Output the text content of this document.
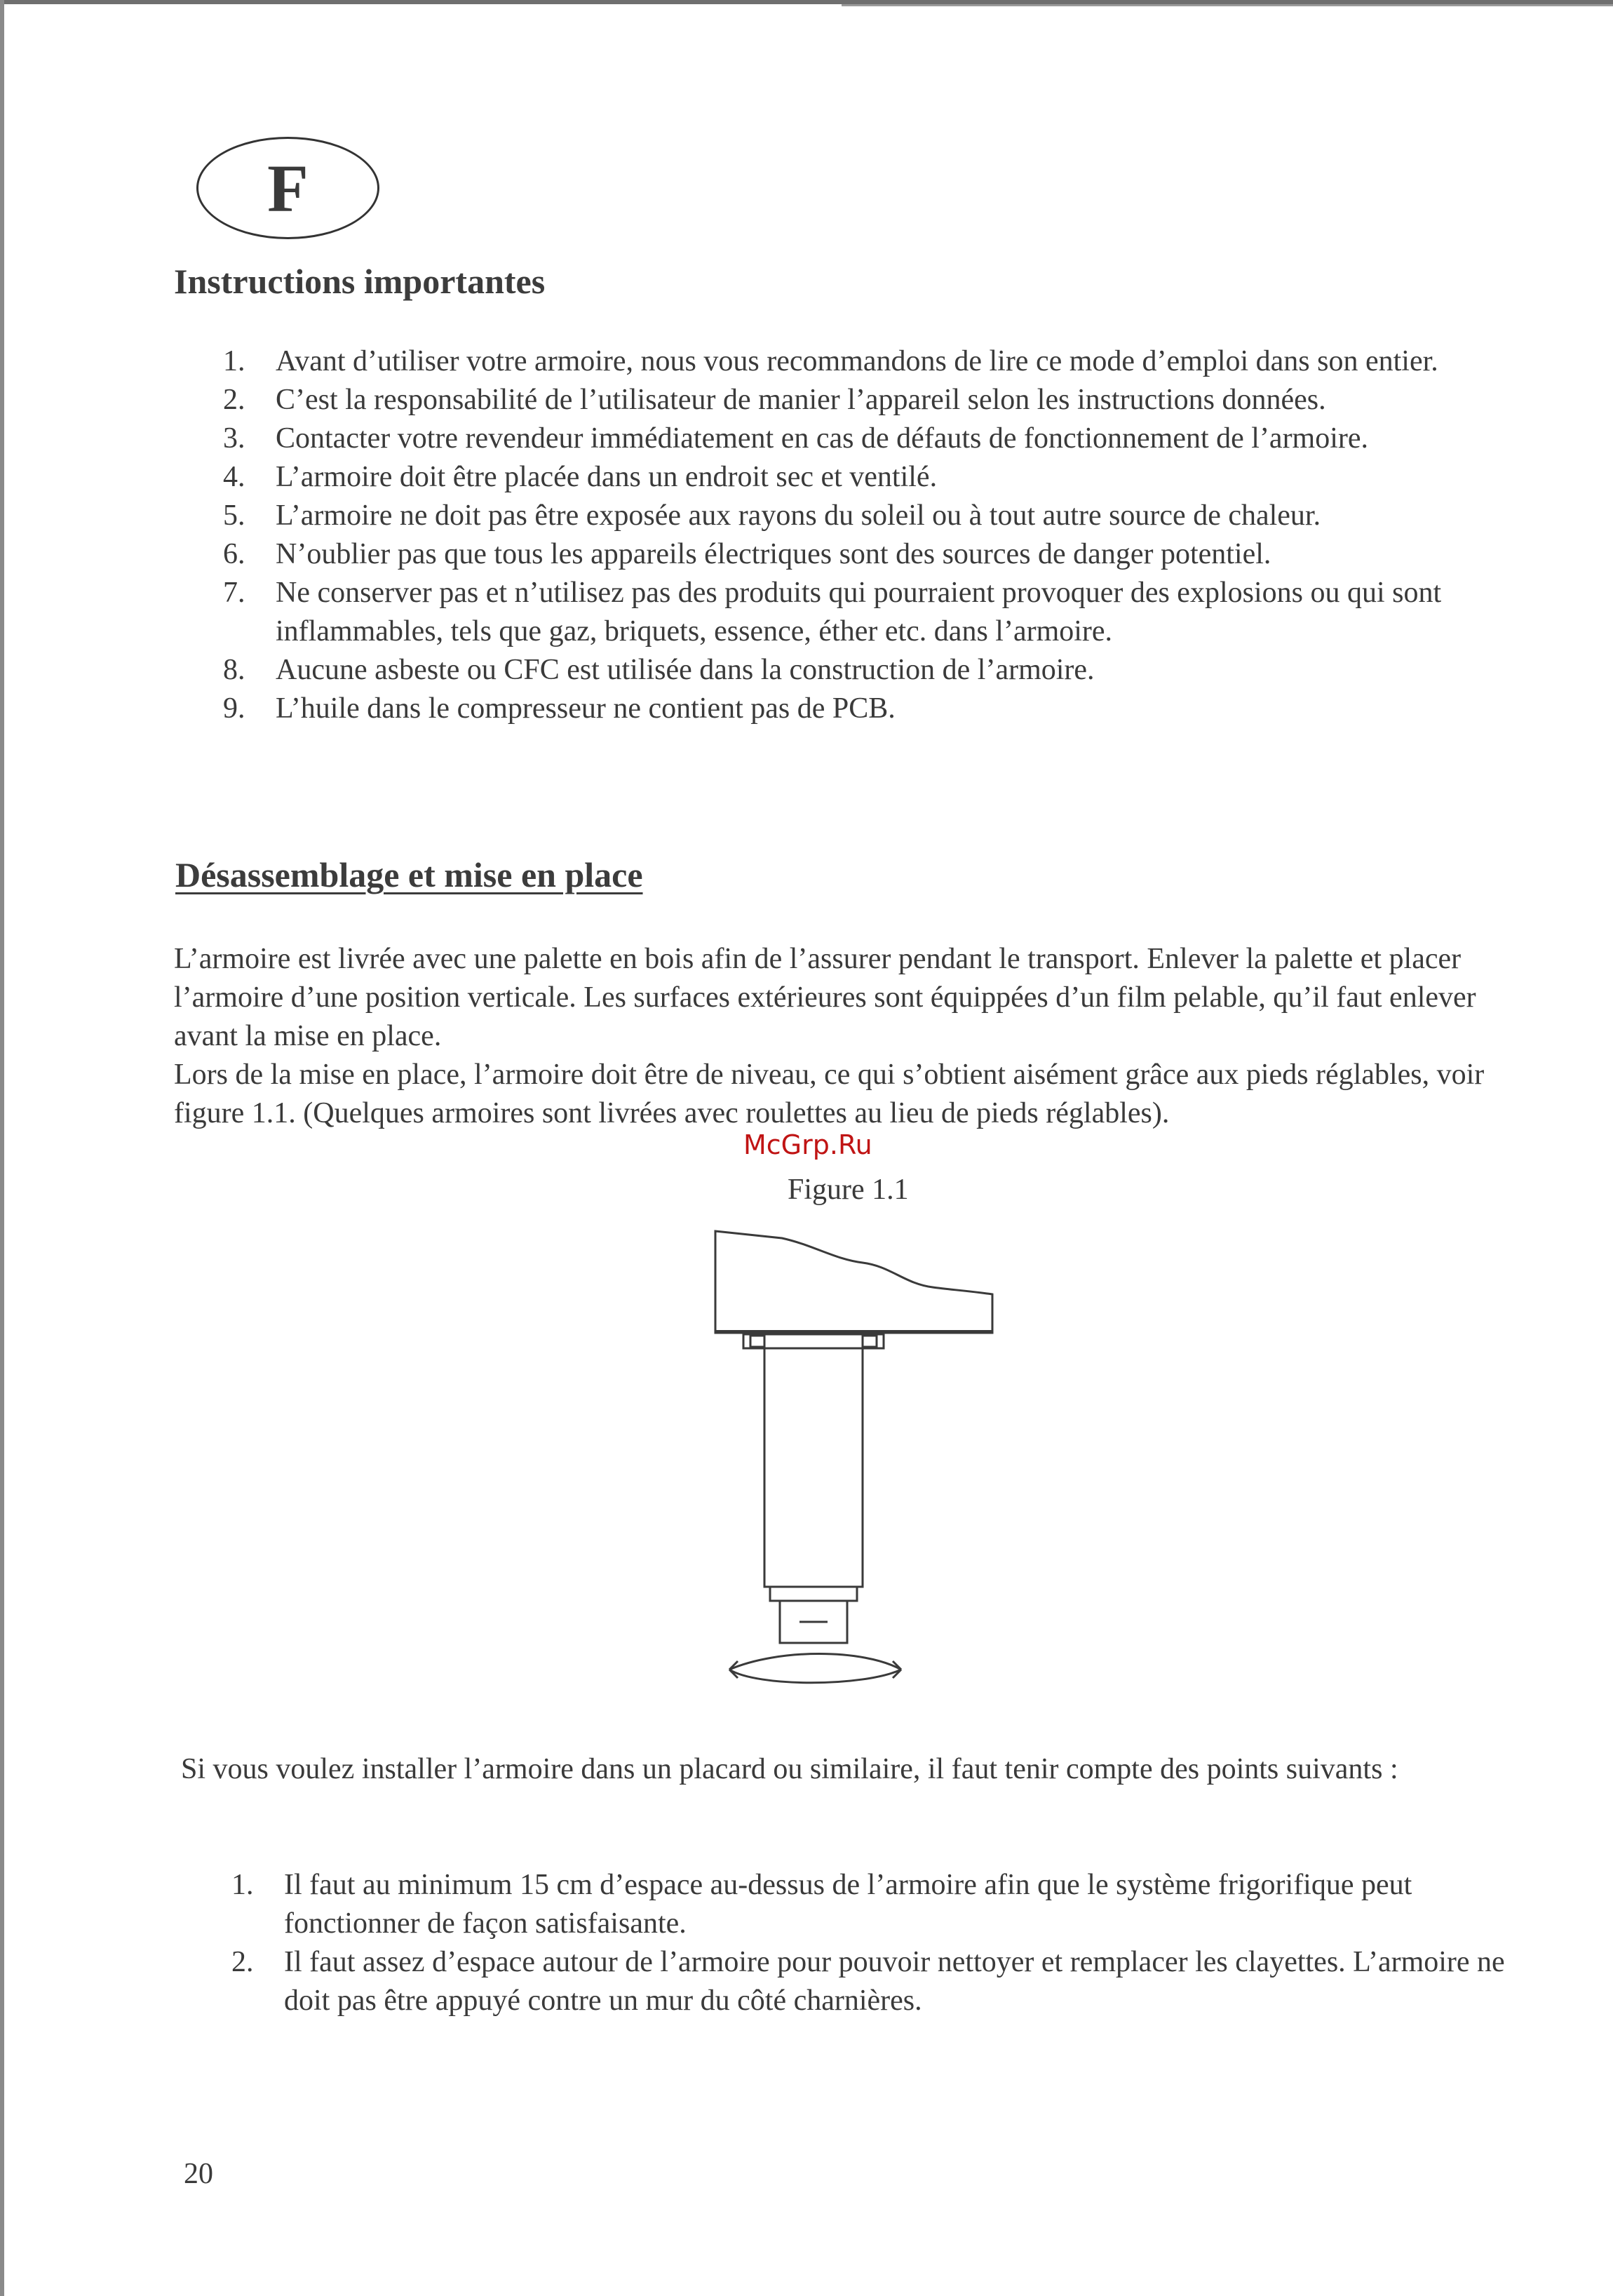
F
Instructions importantes
1. Avant d’utiliser votre armoire, nous vous recommandons de lire ce mode d’emploi dans son entier.
2. C’est la responsabilité de l’utilisateur de manier l’appareil selon les instructions données.
3. Contacter votre revendeur immédiatement en cas de défauts de fonctionnement de l’armoire.
4. L’armoire doit être placée dans un endroit sec et ventilé.
5. L’armoire ne doit pas être exposée aux rayons du soleil ou à tout autre source de chaleur.
6. N’oublier pas que tous les appareils électriques sont des sources de danger potentiel.
7. Ne conserver pas et n’utilisez pas des produits qui pourraient provoquer des explosions ou qui sont inflammables, tels que gaz, briquets, essence, éther etc. dans l’armoire.
8. Aucune asbeste ou CFC est utilisée dans la construction de l’armoire.
9. L’huile dans le compresseur ne contient pas de PCB.
Désassemblage et mise en place

L’armoire est livrée avec une palette en bois afin de l’assurer pendant le transport. Enlever la palette et placer l’armoire d’une position verticale. Les surfaces extérieures sont équippées d’un film pelable, qu’il faut enlever avant la mise en place.

Lors de la mise en place, l’armoire doit être de niveau, ce qui s’obtient aisément grâce aux pieds réglables, voir figure 1.1. (Quelques armoires sont livrées avec roulettes au lieu de pieds réglables).

McGrp.Ru
Figure 1.1
Si vous voulez installer l’armoire dans un placard ou similaire, il faut tenir compte des points suivants :
1. Il faut au minimum 15 cm d’espace au-dessus de l’armoire afin que le système frigorifique peut fonctionner de façon satisfaisante.
2. Il faut assez d’espace autour de l’armoire pour pouvoir nettoyer et remplacer les clayettes. L’armoire ne doit pas être appuyé contre un mur du côté charnières.
20
